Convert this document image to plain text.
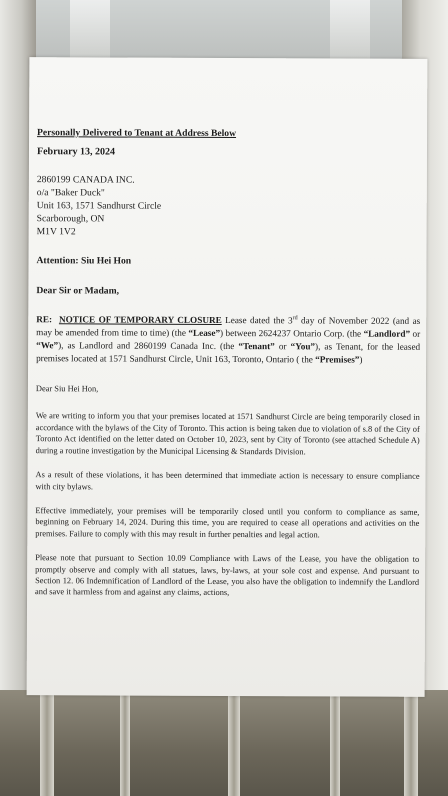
Personally Delivered to Tenant at Address Below
February 13, 2024
2860199 CANADA INC.
o/a "Baker Duck"
Unit 163, 1571 Sandhurst Circle
Scarborough, ON
M1V 1V2
Attention: Siu Hei Hon
Dear Sir or Madam,
RE: NOTICE OF TEMPORARY CLOSURE Lease dated the 3rd day of November 2022 (and as may be amended from time to time) (the “Lease”) between 2624237 Ontario Corp. (the “Landlord” or “We”), as Landlord and 2860199 Canada Inc. (the “Tenant” or “You”), as Tenant, for the leased premises located at 1571 Sandhurst Circle, Unit 163, Toronto, Ontario ( the “Premises”)
Dear Siu Hei Hon,
We are writing to inform you that your premises located at 1571 Sandhurst Circle are being temporarily closed in accordance with the bylaws of the City of Toronto. This action is being taken due to violation of s.8 of the City of Toronto Act identified on the letter dated on October 10, 2023, sent by City of Toronto (see attached Schedule A) during a routine investigation by the Municipal Licensing & Standards Division.
As a result of these violations, it has been determined that immediate action is necessary to ensure compliance with city bylaws.
Effective immediately, your premises will be temporarily closed until you conform to compliance as same, beginning on February 14, 2024. During this time, you are required to cease all operations and activities on the premises. Failure to comply with this may result in further penalties and legal action.
Please note that pursuant to Section 10.09 Compliance with Laws of the Lease, you have the obligation to promptly observe and comply with all statues, laws, by-laws, at your sole cost and expense. And pursuant to Section 12. 06 Indemnification of Landlord of the Lease, you also have the obligation to indemnify the Landlord and save it harmless from and against any claims, actions,
